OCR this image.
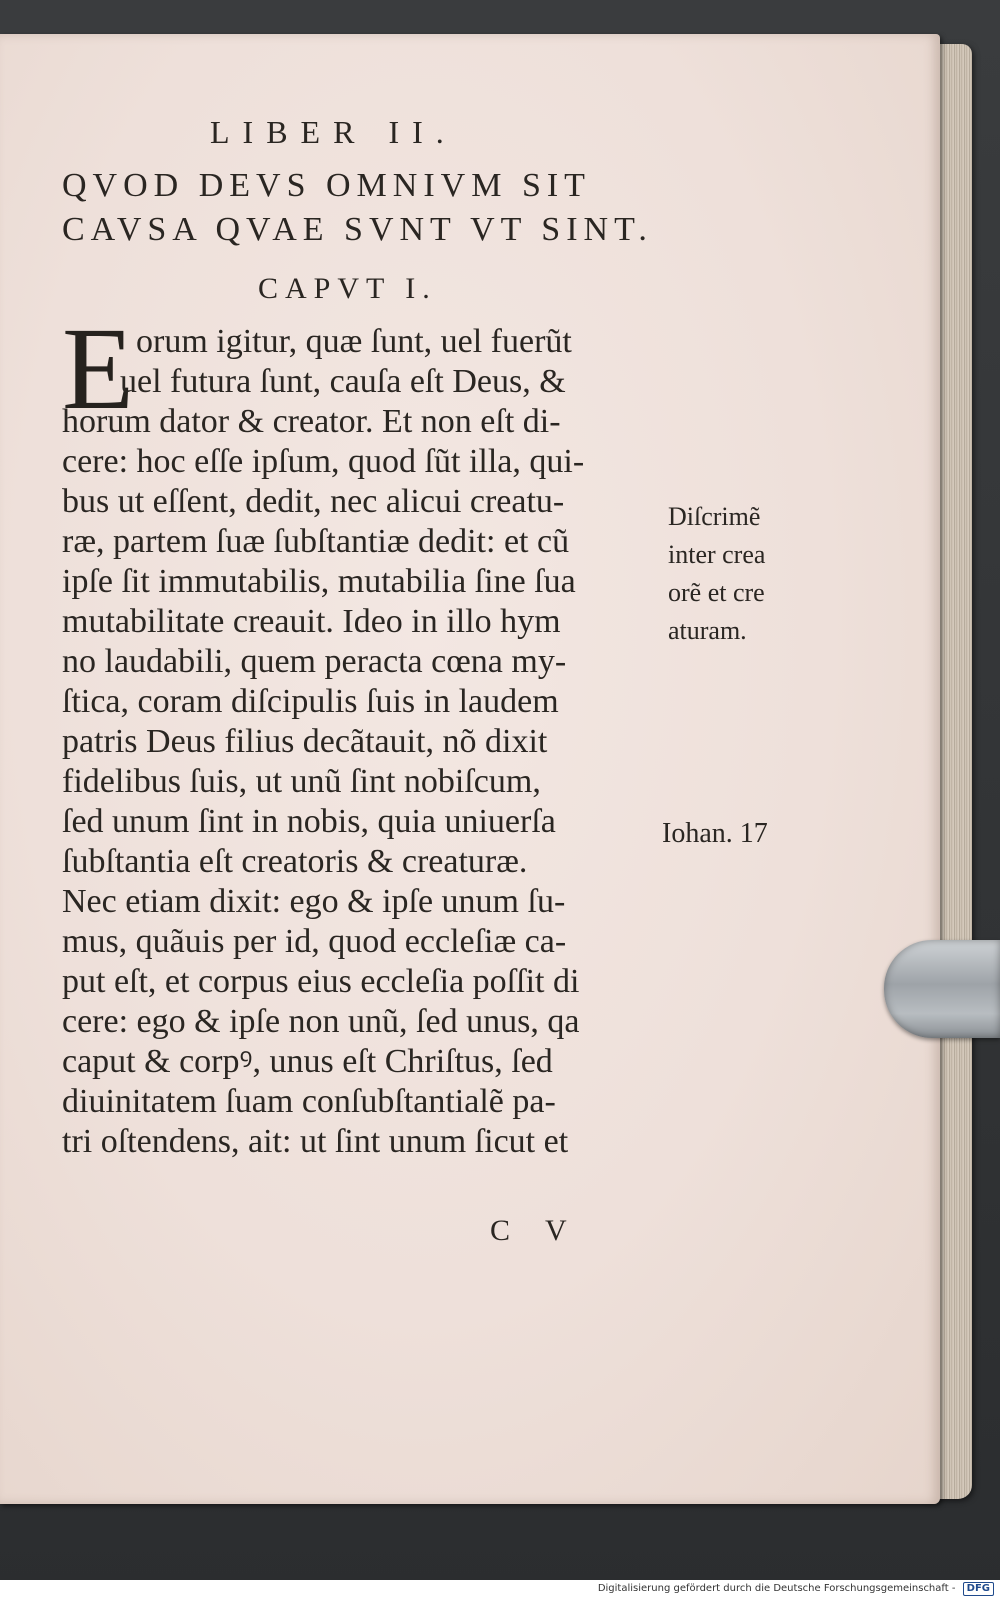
LIBER II.
QVOD DEVS OMNIVM SIT
CAVSA QVAE SVNT VT SINT.
CAPVT I.
E orum igitur, quæ ſunt, uel fuerũt
uel futura ſunt, cauſa eſt Deus, &
horum dator & creator. Et non eſt di-
cere: hoc eſſe ipſum, quod ſũt illa, qui-
bus ut eſſent, dedit, nec alicui creatu-
ræ, partem ſuæ ſubſtantiæ dedit: et cũ
ipſe ſit immutabilis, mutabilia ſine ſua
mutabilitate creauit. Ideo in illo hym
no laudabili, quem peracta cœna my-
ſtica, coram diſcipulis ſuis in laudem
patris Deus filius decãtauit, nõ dixit
fidelibus ſuis, ut unũ ſint nobiſcum,
ſed unum ſint in nobis, quia uniuerſa
ſubſtantia eſt creatoris & creaturæ.
Nec etiam dixit: ego & ipſe unum ſu-
mus, quãuis per id, quod eccleſiæ ca-
put eſt, et corpus eius eccleſia poſſit di
cere: ego & ipſe non unũ, ſed unus, qa
caput & corpꝰ, unus eſt Chriſtus, ſed
diuinitatem ſuam conſubſtantialẽ pa-
tri oſtendens, ait: ut ſint unum ſicut et
Diſcrimẽ
inter crea
orẽ et cre
aturam.
Iohan. 17
C V
Digitalisierung gefördert durch die Deutsche Forschungsgemeinschaft - DFG
